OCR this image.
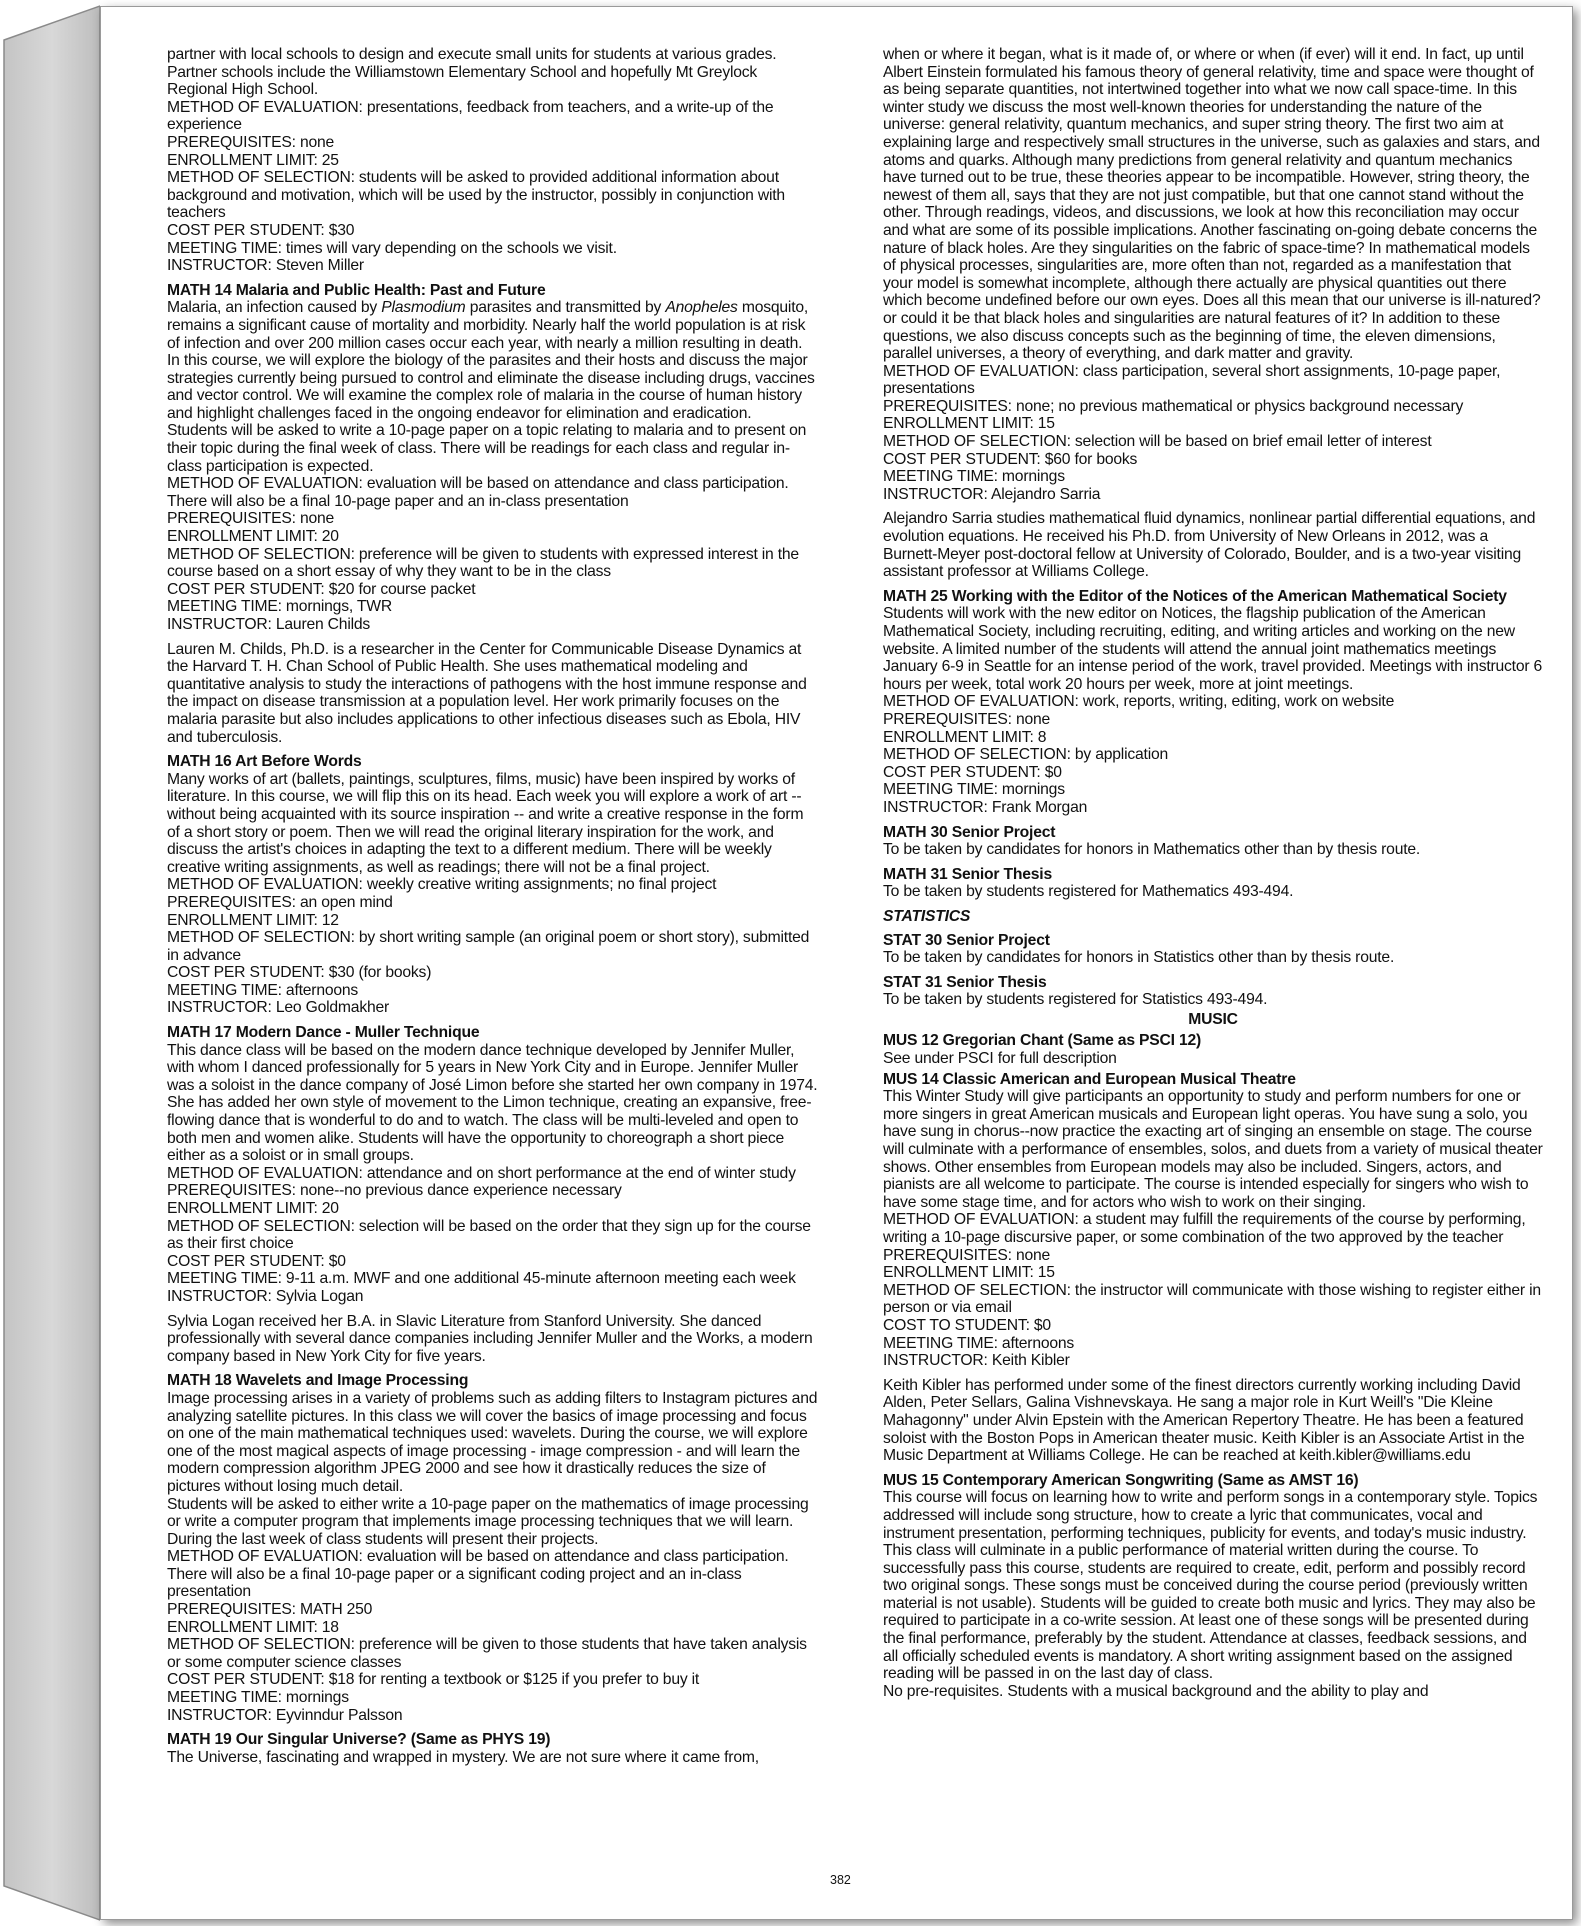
partner with local schools to design and execute small units for students at various grades. Partner schools include the Williamstown Elementary School and hopefully Mt Greylock Regional High School.
METHOD OF EVALUATION: presentations, feedback from teachers, and a write-up of the experience
PREREQUISITES: none
ENROLLMENT LIMIT: 25
METHOD OF SELECTION: students will be asked to provided additional information about background and motivation, which will be used by the instructor, possibly in conjunction with teachers
COST PER STUDENT: $30
MEETING TIME: times will vary depending on the schools we visit.
INSTRUCTOR: Steven Miller
MATH 14 Malaria and Public Health: Past and Future
Malaria, an infection caused by Plasmodium parasites and transmitted by Anopheles mosquito, remains a significant cause of mortality and morbidity. Nearly half the world population is at risk of infection and over 200 million cases occur each year, with nearly a million resulting in death. In this course, we will explore the biology of the parasites and their hosts and discuss the major strategies currently being pursued to control and eliminate the disease including drugs, vaccines and vector control. We will examine the complex role of malaria in the course of human history and highlight challenges faced in the ongoing endeavor for elimination and eradication.
Students will be asked to write a 10-page paper on a topic relating to malaria and to present on their topic during the final week of class. There will be readings for each class and regular in-class participation is expected.
METHOD OF EVALUATION: evaluation will be based on attendance and class participation. There will also be a final 10-page paper and an in-class presentation
PREREQUISITES: none
ENROLLMENT LIMIT: 20
METHOD OF SELECTION: preference will be given to students with expressed interest in the course based on a short essay of why they want to be in the class
COST PER STUDENT: $20 for course packet
MEETING TIME: mornings, TWR
INSTRUCTOR: Lauren Childs
Lauren M. Childs, Ph.D. is a researcher in the Center for Communicable Disease Dynamics at the Harvard T. H. Chan School of Public Health. She uses mathematical modeling and quantitative analysis to study the interactions of pathogens with the host immune response and the impact on disease transmission at a population level. Her work primarily focuses on the malaria parasite but also includes applications to other infectious diseases such as Ebola, HIV and tuberculosis.
MATH 16 Art Before Words
Many works of art (ballets, paintings, sculptures, films, music) have been inspired by works of literature. In this course, we will flip this on its head. Each week you will explore a work of art -- without being acquainted with its source inspiration -- and write a creative response in the form of a short story or poem. Then we will read the original literary inspiration for the work, and discuss the artist's choices in adapting the text to a different medium. There will be weekly creative writing assignments, as well as readings; there will not be a final project.
METHOD OF EVALUATION: weekly creative writing assignments; no final project
PREREQUISITES: an open mind
ENROLLMENT LIMIT: 12
METHOD OF SELECTION: by short writing sample (an original poem or short story), submitted in advance
COST PER STUDENT: $30 (for books)
MEETING TIME: afternoons
INSTRUCTOR: Leo Goldmakher
MATH 17 Modern Dance - Muller Technique
This dance class will be based on the modern dance technique developed by Jennifer Muller, with whom I danced professionally for 5 years in New York City and in Europe. Jennifer Muller was a soloist in the dance company of José Limon before she started her own company in 1974. She has added her own style of movement to the Limon technique, creating an expansive, free-flowing dance that is wonderful to do and to watch. The class will be multi-leveled and open to both men and women alike. Students will have the opportunity to choreograph a short piece either as a soloist or in small groups.
METHOD OF EVALUATION: attendance and on short performance at the end of winter study
PREREQUISITES: none--no previous dance experience necessary
ENROLLMENT LIMIT: 20
METHOD OF SELECTION: selection will be based on the order that they sign up for the course as their first choice
COST PER STUDENT: $0
MEETING TIME: 9-11 a.m. MWF and one additional 45-minute afternoon meeting each week
INSTRUCTOR: Sylvia Logan
Sylvia Logan received her B.A. in Slavic Literature from Stanford University. She danced professionally with several dance companies including Jennifer Muller and the Works, a modern company based in New York City for five years.
MATH 18 Wavelets and Image Processing
Image processing arises in a variety of problems such as adding filters to Instagram pictures and analyzing satellite pictures. In this class we will cover the basics of image processing and focus on one of the main mathematical techniques used: wavelets. During the course, we will explore one of the most magical aspects of image processing - image compression - and will learn the modern compression algorithm JPEG 2000 and see how it drastically reduces the size of pictures without losing much detail.
Students will be asked to either write a 10-page paper on the mathematics of image processing or write a computer program that implements image processing techniques that we will learn. During the last week of class students will present their projects.
METHOD OF EVALUATION: evaluation will be based on attendance and class participation. There will also be a final 10-page paper or a significant coding project and an in-class presentation
PREREQUISITES: MATH 250
ENROLLMENT LIMIT: 18
METHOD OF SELECTION: preference will be given to those students that have taken analysis or some computer science classes
COST PER STUDENT: $18 for renting a textbook or $125 if you prefer to buy it
MEETING TIME: mornings
INSTRUCTOR: Eyvinndur Palsson
MATH 19 Our Singular Universe? (Same as PHYS 19)
The Universe, fascinating and wrapped in mystery. We are not sure where it came from,
when or where it began, what is it made of, or where or when (if ever) will it end. In fact, up until Albert Einstein formulated his famous theory of general relativity, time and space were thought of as being separate quantities, not intertwined together into what we now call space-time. In this winter study we discuss the most well-known theories for understanding the nature of the universe: general relativity, quantum mechanics, and super string theory. The first two aim at explaining large and respectively small structures in the universe, such as galaxies and stars, and atoms and quarks. Although many predictions from general relativity and quantum mechanics have turned out to be true, these theories appear to be incompatible. However, string theory, the newest of them all, says that they are not just compatible, but that one cannot stand without the other. Through readings, videos, and discussions, we look at how this reconciliation may occur and what are some of its possible implications. Another fascinating on-going debate concerns the nature of black holes. Are they singularities on the fabric of space-time? In mathematical models of physical processes, singularities are, more often than not, regarded as a manifestation that your model is somewhat incomplete, although there actually are physical quantities out there which become undefined before our own eyes. Does all this mean that our universe is ill-natured? or could it be that black holes and singularities are natural features of it? In addition to these questions, we also discuss concepts such as the beginning of time, the eleven dimensions, parallel universes, a theory of everything, and dark matter and gravity.
METHOD OF EVALUATION: class participation, several short assignments, 10-page paper, presentations
PREREQUISITES: none; no previous mathematical or physics background necessary
ENROLLMENT LIMIT: 15
METHOD OF SELECTION: selection will be based on brief email letter of interest
COST PER STUDENT: $60 for books
MEETING TIME: mornings
INSTRUCTOR: Alejandro Sarria
Alejandro Sarria studies mathematical fluid dynamics, nonlinear partial differential equations, and evolution equations. He received his Ph.D. from University of New Orleans in 2012, was a Burnett-Meyer post-doctoral fellow at University of Colorado, Boulder, and is a two-year visiting assistant professor at Williams College.
MATH 25 Working with the Editor of the Notices of the American Mathematical Society
Students will work with the new editor on Notices, the flagship publication of the American Mathematical Society, including recruiting, editing, and writing articles and working on the new website. A limited number of the students will attend the annual joint mathematics meetings January 6-9 in Seattle for an intense period of the work, travel provided. Meetings with instructor 6 hours per week, total work 20 hours per week, more at joint meetings.
METHOD OF EVALUATION: work, reports, writing, editing, work on website
PREREQUISITES: none
ENROLLMENT LIMIT: 8
METHOD OF SELECTION: by application
COST PER STUDENT: $0
MEETING TIME: mornings
INSTRUCTOR: Frank Morgan
MATH 30 Senior Project
To be taken by candidates for honors in Mathematics other than by thesis route.
MATH 31 Senior Thesis
To be taken by students registered for Mathematics 493-494.
STATISTICS
STAT 30 Senior Project
To be taken by candidates for honors in Statistics other than by thesis route.
STAT 31 Senior Thesis
To be taken by students registered for Statistics 493-494.
MUSIC
MUS 12 Gregorian Chant (Same as PSCI 12)
See under PSCI for full description
MUS 14 Classic American and European Musical Theatre
This Winter Study will give participants an opportunity to study and perform numbers for one or more singers in great American musicals and European light operas. You have sung a solo, you have sung in chorus--now practice the exacting art of singing an ensemble on stage. The course will culminate with a performance of ensembles, solos, and duets from a variety of musical theater shows. Other ensembles from European models may also be included. Singers, actors, and pianists are all welcome to participate. The course is intended especially for singers who wish to have some stage time, and for actors who wish to work on their singing.
METHOD OF EVALUATION: a student may fulfill the requirements of the course by performing, writing a 10-page discursive paper, or some combination of the two approved by the teacher
PREREQUISITES: none
ENROLLMENT LIMIT: 15
METHOD OF SELECTION: the instructor will communicate with those wishing to register either in person or via email
COST TO STUDENT: $0
MEETING TIME: afternoons
INSTRUCTOR: Keith Kibler
Keith Kibler has performed under some of the finest directors currently working including David Alden, Peter Sellars, Galina Vishnevskaya. He sang a major role in Kurt Weill's "Die Kleine Mahagonny" under Alvin Epstein with the American Repertory Theatre. He has been a featured soloist with the Boston Pops in American theater music. Keith Kibler is an Associate Artist in the Music Department at Williams College. He can be reached at keith.kibler@williams.edu
MUS 15 Contemporary American Songwriting (Same as AMST 16)
This course will focus on learning how to write and perform songs in a contemporary style. Topics addressed will include song structure, how to create a lyric that communicates, vocal and instrument presentation, performing techniques, publicity for events, and today's music industry. This class will culminate in a public performance of material written during the course. To successfully pass this course, students are required to create, edit, perform and possibly record two original songs. These songs must be conceived during the course period (previously written material is not usable). Students will be guided to create both music and lyrics. They may also be required to participate in a co-write session. At least one of these songs will be presented during the final performance, preferably by the student. Attendance at classes, feedback sessions, and all officially scheduled events is mandatory. A short writing assignment based on the assigned reading will be passed in on the last day of class.
No pre-requisites. Students with a musical background and the ability to play and
382
